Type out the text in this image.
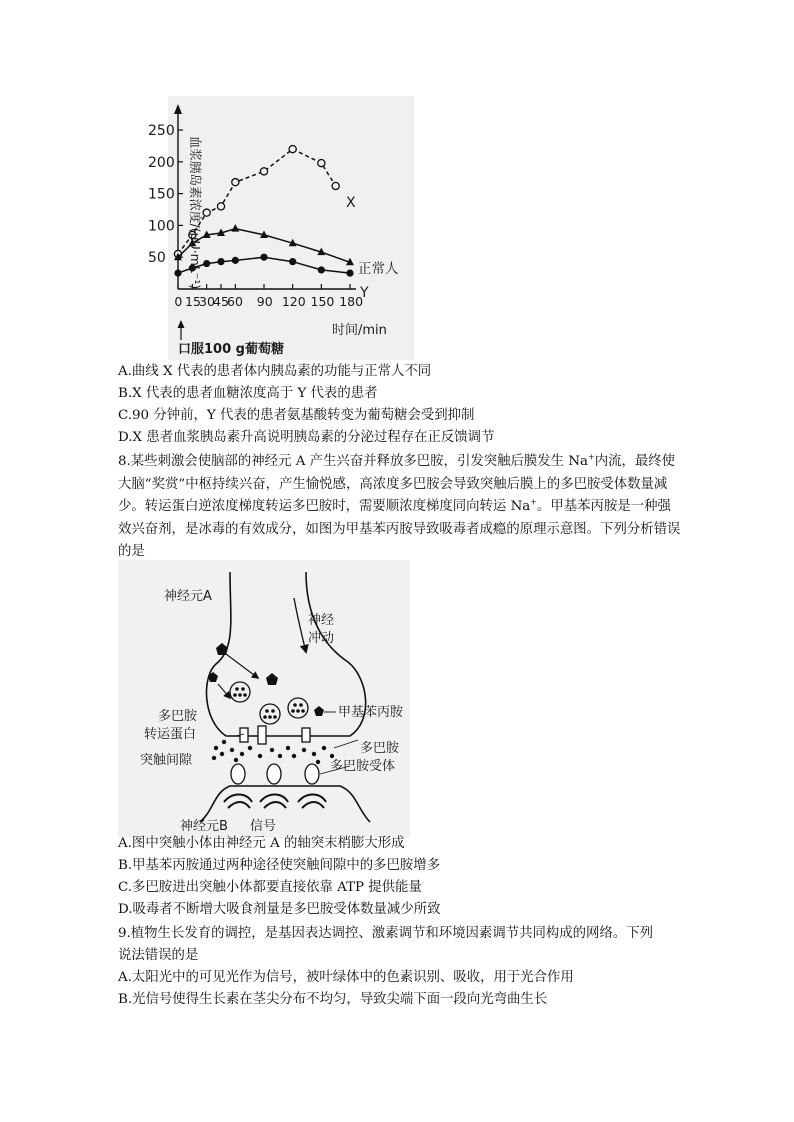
50
100
150
200
250
0 15
30
45
60 90 120 150 180
血浆胰岛素浓度/(μU·mL⁻¹)
时间/min
口服100 g葡萄糖
X
正常人
Y
A.曲线 X 代表的患者体内胰岛素的功能与正常人不同
B.X 代表的患者血糖浓度高于 Y 代表的患者
C.90 分钟前，Y 代表的患者氨基酸转变为葡萄糖会受到抑制
D.X 患者血浆胰岛素升高说明胰岛素的分泌过程存在正反馈调节
8.某些刺激会使脑部的神经元 A 产生兴奋并释放多巴胺，引发突触后膜发生 Na+内流，最终使大脑“奖赏”中枢持续兴奋，产生愉悦感，高浓度多巴胺会导致突触后膜上的多巴胺受体数量减少。转运蛋白逆浓度梯度转运多巴胺时，需要顺浓度梯度同向转运 Na+。甲基苯丙胺是一种强效兴奋剂，是冰毒的有效成分，如图为甲基苯丙胺导致吸毒者成瘾的原理示意图。下列分析错误的是
神经元A
神经
冲动
甲基苯丙胺
多巴胺
转运蛋白
突触间隙
多巴胺
多巴胺受体
神经元B 信号
A.图中突触小体由神经元 A 的轴突末梢膨大形成
B.甲基苯丙胺通过两种途径使突触间隙中的多巴胺增多
C.多巴胺进出突触小体都要直接依靠 ATP 提供能量
D.吸毒者不断增大吸食剂量是多巴胺受体数量减少所致
9.植物生长发育的调控，是基因表达调控、激素调节和环境因素调节共同构成的网络。下列
说法错误的是
A.太阳光中的可见光作为信号，被叶绿体中的色素识别、吸收，用于光合作用
B.光信号使得生长素在茎尖分布不均匀，导致尖端下面一段向光弯曲生长
